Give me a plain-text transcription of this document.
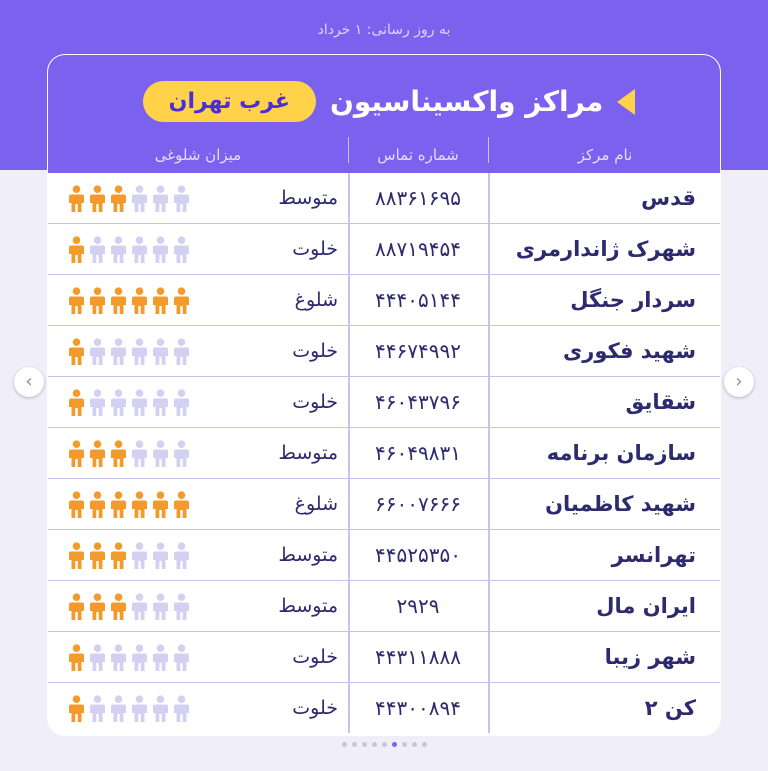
به روز رسانی: ۱ خرداد
مراکز واکسیناسیون
غرب تهران
نام مرکز
شماره تماس
میزان شلوغی
قدس
۸۸۳۶۱۶۹۵
متوسط
شهرک ژاندارمری
۸۸۷۱۹۴۵۴
خلوت
سردار جنگل
۴۴۴۰۵۱۴۴
شلوغ
شهید فکوری
۴۴۶۷۴۹۹۲
خلوت
شقایق
۴۶۰۴۳۷۹۶
خلوت
سازمان برنامه
۴۶۰۴۹۸۳۱
متوسط
شهید کاظمیان
۶۶۰۰۷۶۶۶
شلوغ
تهرانسر
۴۴۵۲۵۳۵۰
متوسط
ایران مال
۲۹۲۹
متوسط
شهر زیبا
۴۴۳۱۱۸۸۸
خلوت
کن ۲
۴۴۳۰۰۸۹۴
خلوت
‹	›
